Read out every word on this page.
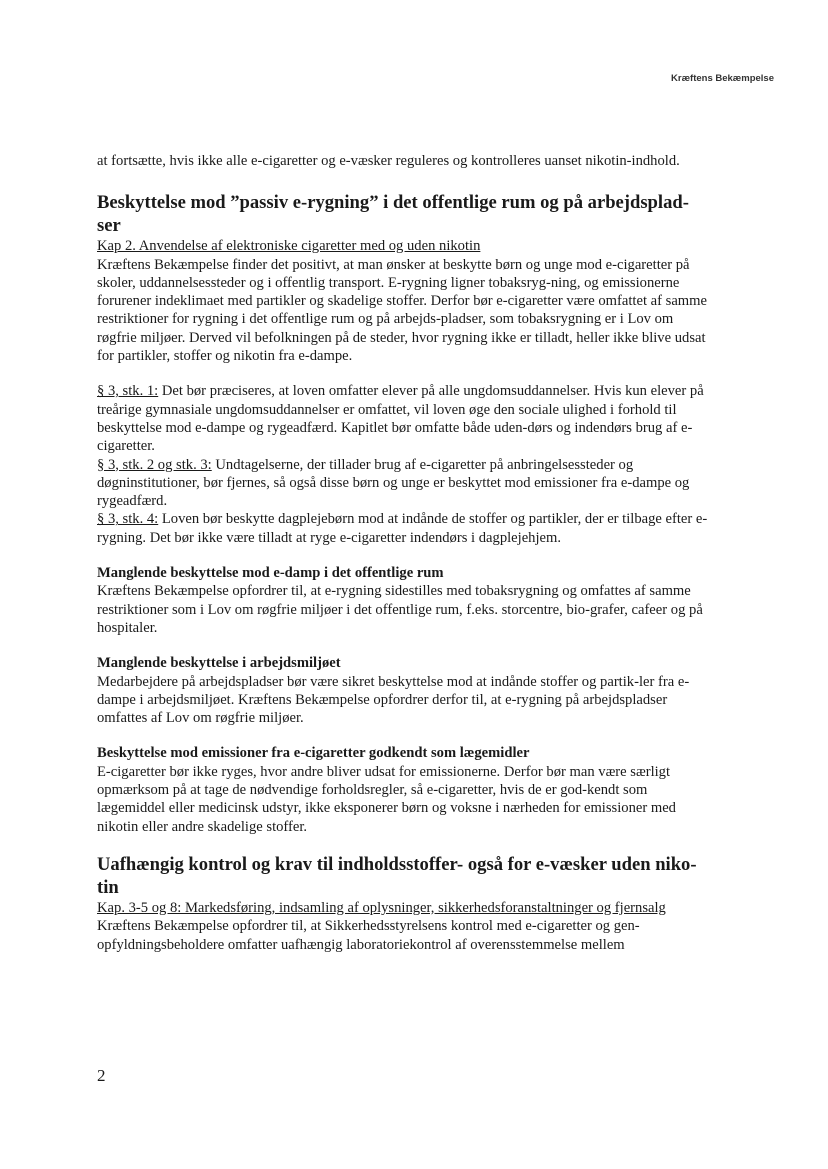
Kræftens Bekæmpelse

at fortsætte, hvis ikke alle e-cigaretter og e-væsker reguleres og kontrolleres uanset nikotin-indhold.

Beskyttelse mod ”passiv e-rygning” i det offentlige rum og på arbejdsplad-ser

Kap 2. Anvendelse af elektroniske cigaretter med og uden nikotin

Kræftens Bekæmpelse finder det positivt, at man ønsker at beskytte børn og unge mod e-cigaretter på skoler, uddannelsessteder og i offentlig transport. E-rygning ligner tobaksryg-ning, og emissionerne forurener indeklimaet med partikler og skadelige stoffer. Derfor bør e-cigaretter være omfattet af samme restriktioner for rygning i det offentlige rum og på arbejds-pladser, som tobaksrygning er i Lov om røgfrie miljøer. Derved vil befolkningen på de steder, hvor rygning ikke er tilladt, heller ikke blive udsat for partikler, stoffer og nikotin fra e-dampe.

§ 3, stk. 1: Det bør præciseres, at loven omfatter elever på alle ungdomsuddannelser. Hvis kun elever på treårige gymnasiale ungdomsuddannelser er omfattet, vil loven øge den sociale ulighed i forhold til beskyttelse mod e-dampe og rygeadfærd. Kapitlet bør omfatte både uden-dørs og indendørs brug af e-cigaretter.

§ 3, stk. 2 og stk. 3: Undtagelserne, der tillader brug af e-cigaretter på anbringelsessteder og døgninstitutioner, bør fjernes, så også disse børn og unge er beskyttet mod emissioner fra e-dampe og rygeadfærd.

§ 3, stk. 4: Loven bør beskytte dagplejebørn mod at indånde de stoffer og partikler, der er tilbage efter e-rygning. Det bør ikke være tilladt at ryge e-cigaretter indendørs i dagplejehjem.

Manglende beskyttelse mod e-damp i det offentlige rum

Kræftens Bekæmpelse opfordrer til, at e-rygning sidestilles med tobaksrygning og omfattes af samme restriktioner som i Lov om røgfrie miljøer i det offentlige rum, f.eks. storcentre, bio-grafer, cafeer og på hospitaler.

Manglende beskyttelse i arbejdsmiljøet

Medarbejdere på arbejdspladser bør være sikret beskyttelse mod at indånde stoffer og partik-ler fra e-dampe i arbejdsmiljøet. Kræftens Bekæmpelse opfordrer derfor til, at e-rygning på arbejdspladser omfattes af Lov om røgfrie miljøer.

Beskyttelse mod emissioner fra e-cigaretter godkendt som lægemidler

E-cigaretter bør ikke ryges, hvor andre bliver udsat for emissionerne. Derfor bør man være særligt opmærksom på at tage de nødvendige forholdsregler, så e-cigaretter, hvis de er god-kendt som lægemiddel eller medicinsk udstyr, ikke eksponerer børn og voksne i nærheden for emissioner med nikotin eller andre skadelige stoffer.

Uafhængig kontrol og krav til indholdsstoffer- også for e-væsker uden niko-tin

Kap. 3-5 og 8: Markedsføring, indsamling af oplysninger, sikkerhedsforanstaltninger og fjernsalg

Kræftens Bekæmpelse opfordrer til, at Sikkerhedsstyrelsens kontrol med e-cigaretter og gen-opfyldningsbeholdere omfatter uafhængig laboratoriekontrol af overensstemmelse mellem

2
